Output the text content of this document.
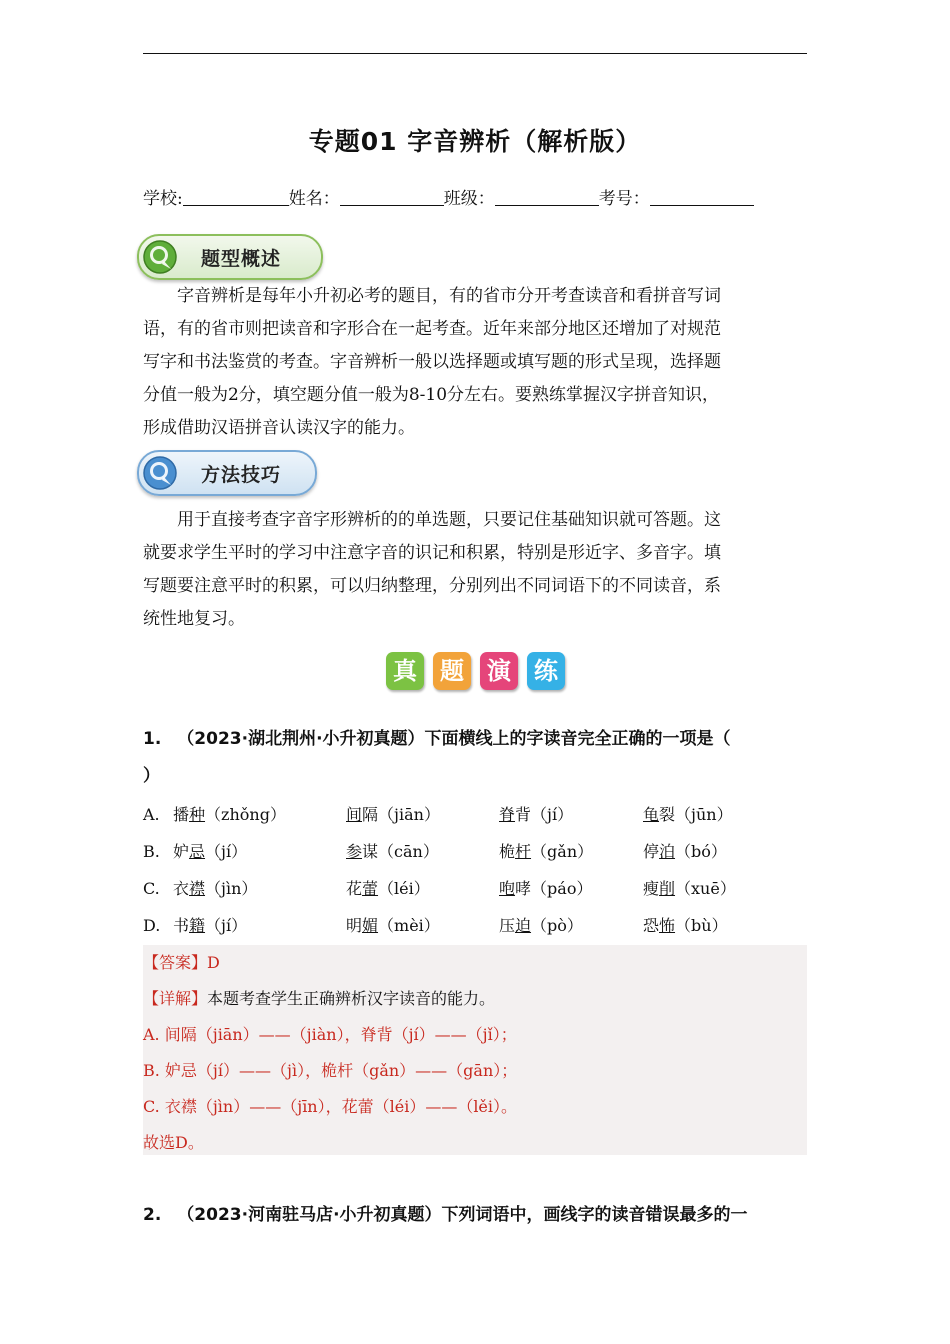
专题01 字音辨析（解析版）
学校:	姓名：	班级：	考号：
题型概述
字音辨析是每年小升初必考的题目，有的省市分开考查读音和看拼音写词
语，有的省市则把读音和字形合在一起考查。近年来部分地区还增加了对规范
写字和书法鉴赏的考查。字音辨析一般以选择题或填写题的形式呈现，选择题
分值一般为2分，填空题分值一般为8-10分左右。要熟练掌握汉字拼音知识，
形成借助汉语拼音认读汉字的能力。
方法技巧
用于直接考查字音字形辨析的的单选题，只要记住基础知识就可答题。这
就要求学生平时的学习中注意字音的识记和积累，特别是形近字、多音字。填
写题要注意平时的积累，可以归纳整理，分别列出不同词语下的不同读音，系
统性地复习。
真 题 演 练
1. （2023·湖北荆州·小升初真题）下面横线上的字读音完全正确的一项是（
）
A. 播种（zhǒng）	间隔（jiān）	脊背（jí）	龟裂（jūn）
B. 妒忌（jí）	参谋（cān）	桅杆（gǎn）	停泊（bó）
C. 衣襟（jìn）	花蕾（léi）	咆哮（páo）	瘦削（xuē）
D. 书籍（jí）	明媚（mèi）	压迫（pò）	恐怖（bù）
【答案】D
【详解】本题考查学生正确辨析汉字读音的能力。
A. 间隔（jiān）——（jiàn），脊背（jí）——（jǐ）；
B. 妒忌（jí）——（jì），桅杆（gǎn）——（gān）；
C. 衣襟（jìn）——（jīn），花蕾（léi）——（lěi）。
故选D。
2. （2023·河南驻马店·小升初真题）下列词语中，画线字的读音错误最多的一
